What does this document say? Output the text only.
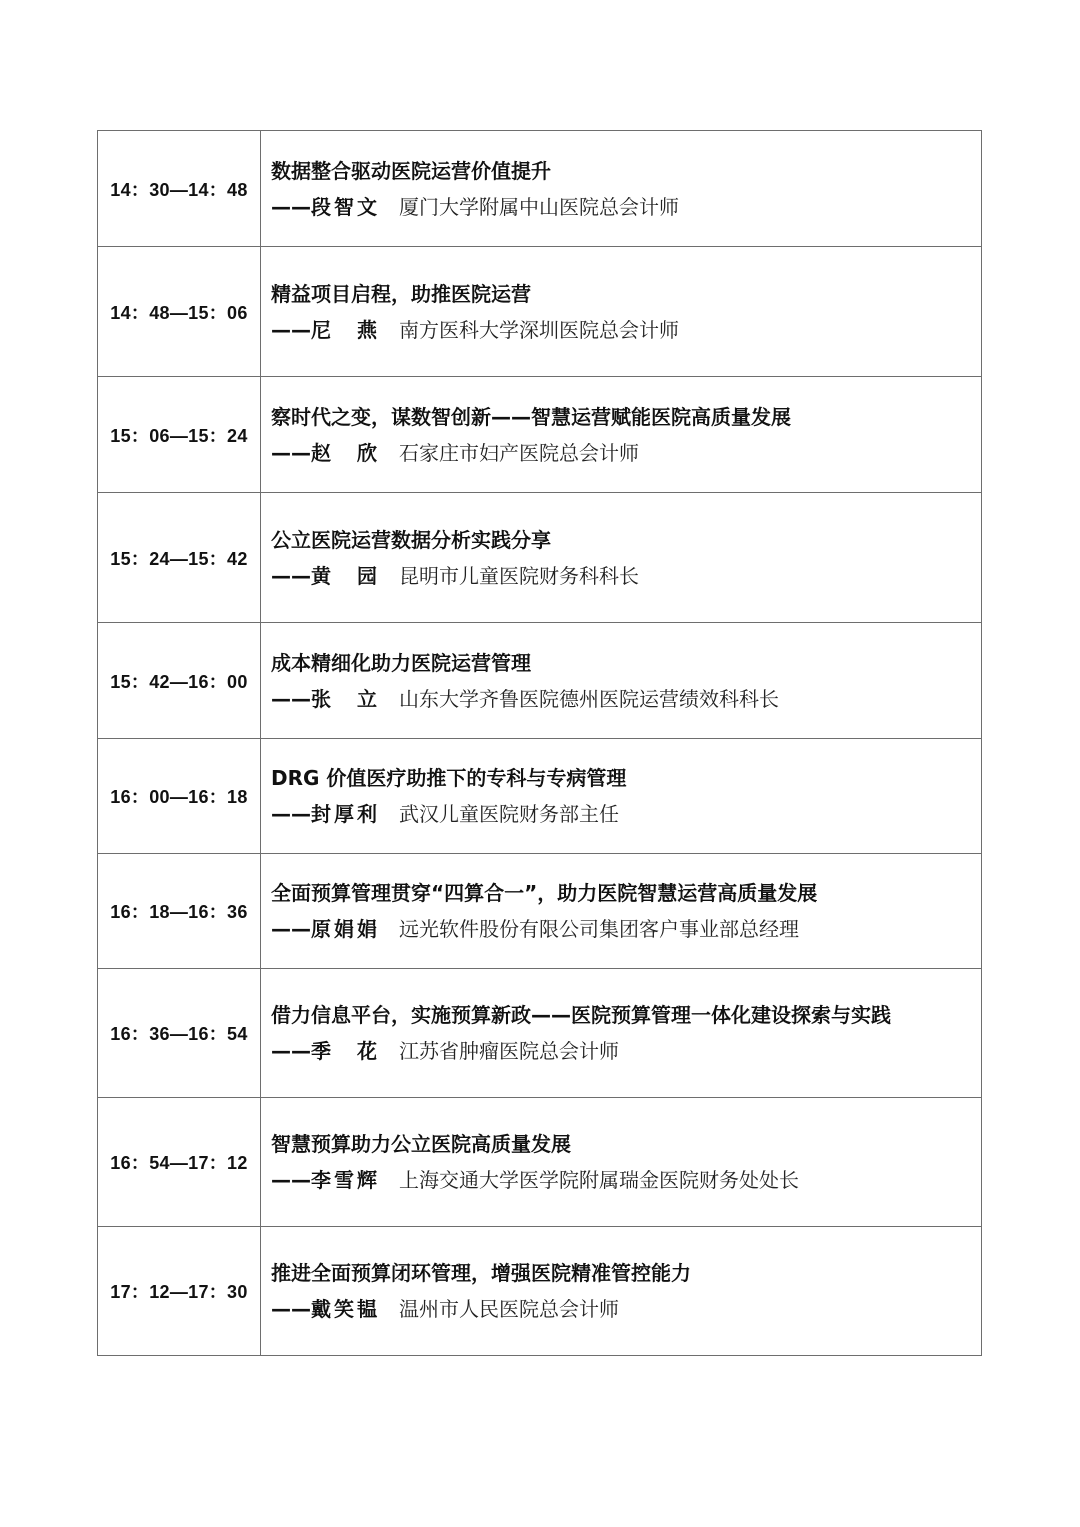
14：30—14：48	数据整合驱动医院运营价值提升
——段智文 厦门大学附属中山医院总会计师

14：48—15：06	精益项目启程，助推医院运营
——尼 燕 南方医科大学深圳医院总会计师

15：06—15：24	察时代之变，谋数智创新——智慧运营赋能医院高质量发展
——赵 欣 石家庄市妇产医院总会计师

15：24—15：42	公立医院运营数据分析实践分享
——黄 园 昆明市儿童医院财务科科长

15：42—16：00	成本精细化助力医院运营管理
——张 立 山东大学齐鲁医院德州医院运营绩效科科长

16：00—16：18	DRG 价值医疗助推下的专科与专病管理
——封厚利 武汉儿童医院财务部主任

16：18—16：36	全面预算管理贯穿“四算合一”，助力医院智慧运营高质量发展
——原娟娟 远光软件股份有限公司集团客户事业部总经理

16：36—16：54	借力信息平台，实施预算新政——医院预算管理一体化建设探索与实践
——季 花 江苏省肿瘤医院总会计师

16：54—17：12	智慧预算助力公立医院高质量发展
——李雪辉 上海交通大学医学院附属瑞金医院财务处处长

17：12—17：30	推进全面预算闭环管理，增强医院精准管控能力
——戴笑韫 温州市人民医院总会计师
